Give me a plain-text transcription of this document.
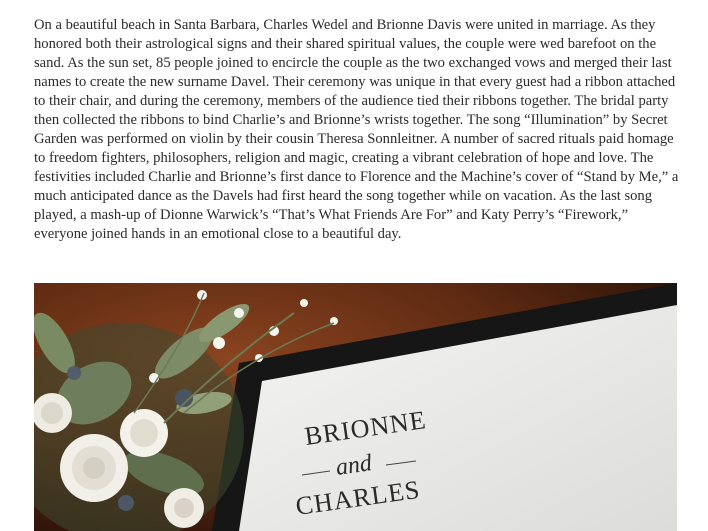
On a beautiful beach in Santa Barbara, Charles Wedel and Brionne Davis were united in marriage. As they honored both their astrological signs and their shared spiritual values, the couple were wed barefoot on the sand. As the sun set, 85 people joined to encircle the couple as the two exchanged vows and merged their last names to create the new surname Davel. Their ceremony was unique in that every guest had a ribbon attached to their chair, and during the ceremony, members of the audience tied their ribbons together. The bridal party then collected the ribbons to bind Charlie’s and Brionne’s wrists together. The song “Illumination” by Secret Garden was performed on violin by their cousin Theresa Sonnleitner. A number of sacred rituals paid homage to freedom fighters, philosophers, religion and magic, creating a vibrant celebration of hope and love. The festivities included Charlie and Brionne’s first dance to Florence and the Machine’s cover of “Stand by Me,” a much anticipated dance as the Davels had first heard the song together while on vacation. As the last song played, a mash-up of Dionne Warwick’s “That’s What Friends Are For” and Katy Perry’s “Firework,” everyone joined hands in an emotional close to a beautiful day.

BRIONNE
and
CHARLES
